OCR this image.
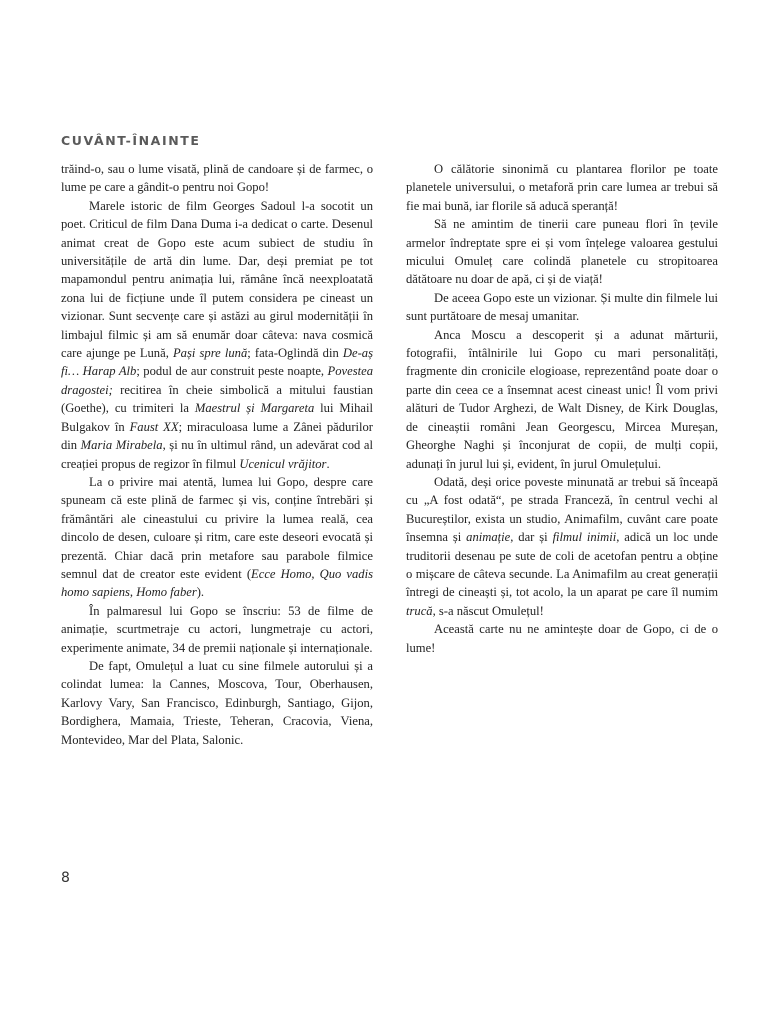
CUVÂNT-ÎNAINTE

trăind-o, sau o lume visată, plină de candoare și de farmec, o lume pe care a gândit-o pentru noi Gopo!

Marele istoric de film Georges Sadoul l-a socotit un poet. Criticul de film Dana Duma i-a dedicat o carte. Desenul animat creat de Gopo este acum subiect de studiu în universitățile de artă din lume. Dar, deși premiat pe tot mapamondul pentru animația lui, rămâne încă neexploatată zona lui de ficțiune unde îl putem considera pe cineast un vizionar. Sunt secvențe care și astăzi au girul modernității în limbajul filmic și am să enumăr doar câteva: nava cosmică care ajunge pe Lună, Pași spre lună; fata-Oglindă din De-aș fi… Harap Alb; podul de aur construit peste noapte, Povestea dragostei; recitirea în cheie simbolică a mitului faustian (Goethe), cu trimiteri la Maestrul și Margareta lui Mihail Bulgakov în Faust XX; miraculoasa lume a Zânei pădurilor din Maria Mirabela, și nu în ultimul rând, un adevărat cod al creației propus de regizor în filmul Ucenicul vrăjitor.

La o privire mai atentă, lumea lui Gopo, despre care spuneam că este plină de farmec și vis, conține întrebări și frământări ale cineastului cu privire la lumea reală, cea dincolo de desen, culoare și ritm, care este deseori evocată și prezentă. Chiar dacă prin metafore sau parabole filmice semnul dat de creator este evident (Ecce Homo, Quo vadis homo sapiens, Homo faber).

În palmaresul lui Gopo se înscriu: 53 de filme de animație, scurtmetraje cu actori, lungmetraje cu actori, experimente animate, 34 de premii naționale și internaționale.

De fapt, Omulețul a luat cu sine filmele autorului și a colindat lumea: la Cannes, Moscova, Tour, Oberhausen, Karlovy Vary, San Francisco, Edinburgh, Santiago, Gijon, Bordighera, Mamaia, Trieste, Teheran, Cracovia, Viena, Montevideo, Mar del Plata, Salonic.

O călătorie sinonimă cu plantarea florilor pe toate planetele universului, o metaforă prin care lumea ar trebui să fie mai bună, iar florile să aducă speranță!

Să ne amintim de tinerii care puneau flori în țevile armelor îndreptate spre ei și vom înțelege valoarea gestului micului Omuleț care colindă planetele cu stropitoarea dătătoare nu doar de apă, ci și de viață!

De aceea Gopo este un vizionar. Și multe din filmele lui sunt purtătoare de mesaj umanitar.

Anca Moscu a descoperit și a adunat mărturii, fotografii, întâlnirile lui Gopo cu mari personalități, fragmente din cronicile elogioase, reprezentând poate doar o parte din ceea ce a însemnat acest cineast unic! Îl vom privi alături de Tudor Arghezi, de Walt Disney, de Kirk Douglas, de cineaștii români Jean Georgescu, Mircea Mureșan, Gheorghe Naghi și înconjurat de copii, de mulți copii, adunați în jurul lui și, evident, în jurul Omulețului.

Odată, deși orice poveste minunată ar trebui să înceapă cu „A fost odată“, pe strada Franceză, în centrul vechi al Bucureștilor, exista un studio, Animafilm, cuvânt care poate însemna și animație, dar și filmul inimii, adică un loc unde truditorii desenau pe sute de coli de acetofan pentru a obține o mișcare de câteva secunde. La Animafilm au creat generații întregi de cineaști și, tot acolo, la un aparat pe care îl numim trucă, s-a născut Omulețul!

Această carte nu ne amintește doar de Gopo, ci de o lume!

8
